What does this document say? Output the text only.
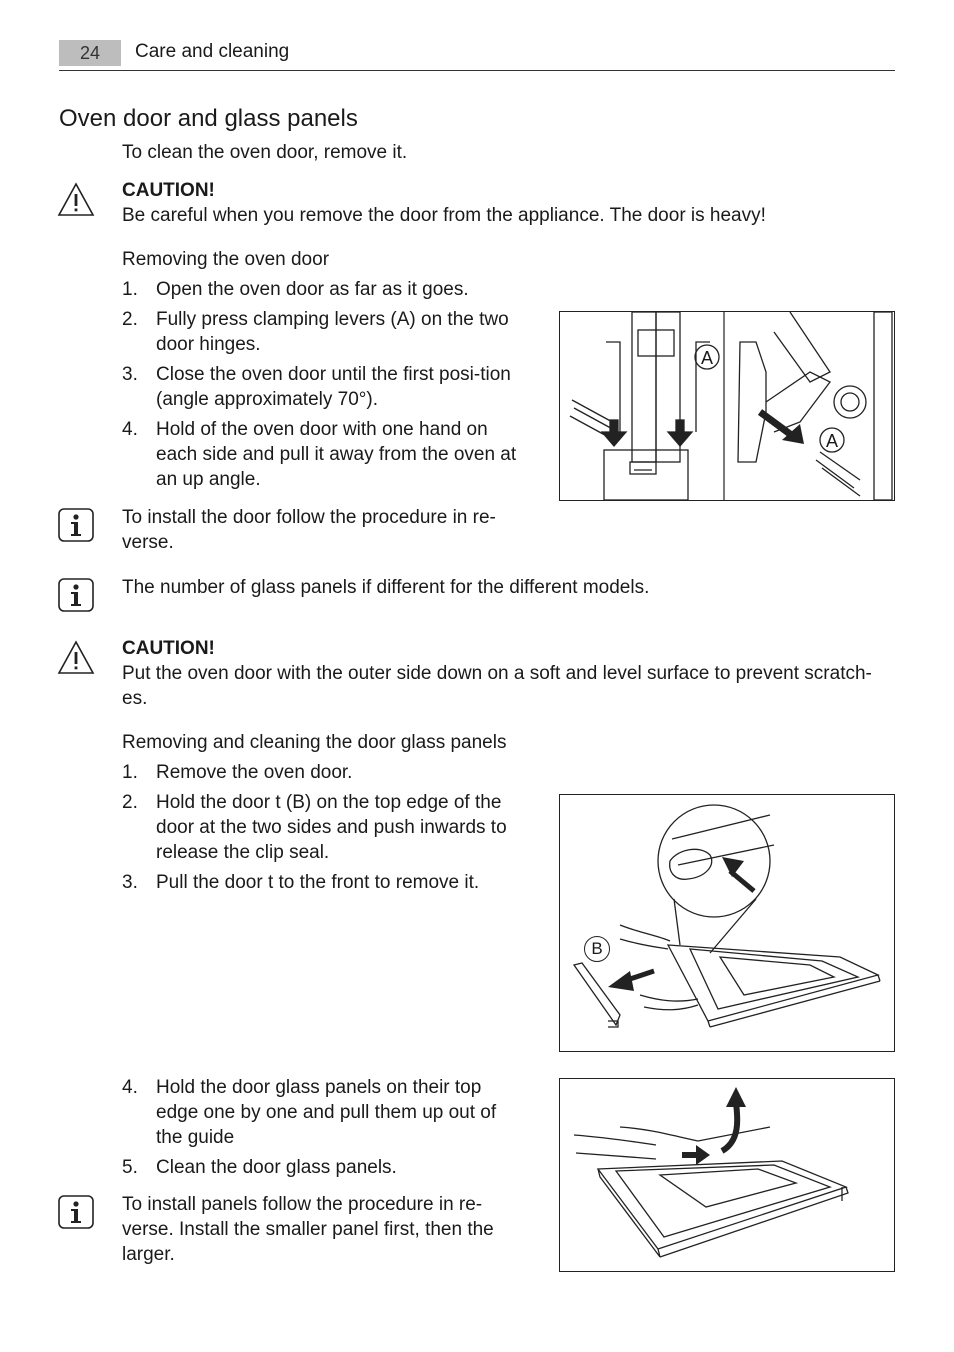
24	Care and cleaning
Oven door and glass panels
To clean the oven door, remove it.
CAUTION!
Be careful when you remove the door from the appliance. The door is heavy!
Removing the oven door
1. Open the oven door as far as it goes.
2. Fully press clamping levers (A) on the two door hinges.
3. Close the oven door until the first posi-tion (angle approximately 70°).
4. Hold of the oven door with one hand on each side and pull it away from the oven at an up angle.
A
A
To install the door follow the procedure in re-verse.
The number of glass panels if different for the different models.
CAUTION!
Put the oven door with the outer side down on a soft and level surface to prevent scratch-es.
Removing and cleaning the door glass panels
1. Remove the oven door.
2. Hold the door t (B) on the top edge of the door at the two sides and push inwards to release the clip seal.
3. Pull the door t to the front to remove it.
B
4. Hold the door glass panels on their top edge one by one and pull them up out of the guide
5. Clean the door glass panels.
To install panels follow the procedure in re-verse. Install the smaller panel first, then the larger.
